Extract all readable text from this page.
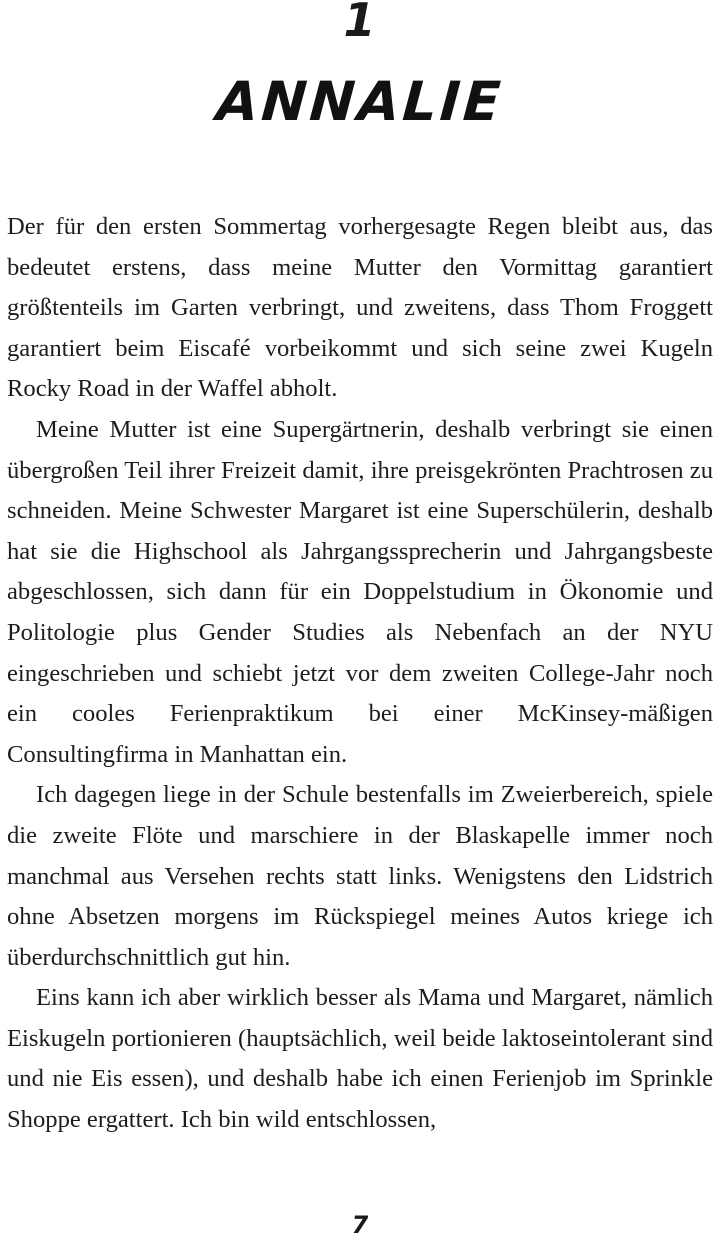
1
ANNALIE

Der für den ersten Sommertag vorhergesagte Regen bleibt aus, das bedeutet erstens, dass meine Mutter den Vormittag garantiert größtenteils im Garten verbringt, und zweitens, dass Thom Froggett garantiert beim Eiscafé vorbeikommt und sich seine zwei Kugeln Rocky Road in der Waffel abholt.

Meine Mutter ist eine Supergärtnerin, deshalb verbringt sie einen übergroßen Teil ihrer Freizeit damit, ihre preisgekrönten Prachtrosen zu schneiden. Meine Schwester Margaret ist eine Superschülerin, deshalb hat sie die Highschool als Jahrgangssprecherin und Jahrgangsbeste abgeschlossen, sich dann für ein Doppelstudium in Ökonomie und Politologie plus Gender Studies als Nebenfach an der NYU eingeschrieben und schiebt jetzt vor dem zweiten College-Jahr noch ein cooles Ferienpraktikum bei einer McKinsey-mäßigen Consultingfirma in Manhattan ein.

Ich dagegen liege in der Schule bestenfalls im Zweierbereich, spiele die zweite Flöte und marschiere in der Blaskapelle immer noch manchmal aus Versehen rechts statt links. Wenigstens den Lidstrich ohne Absetzen morgens im Rückspiegel meines Autos kriege ich überdurchschnittlich gut hin.

Eins kann ich aber wirklich besser als Mama und Margaret, nämlich Eiskugeln portionieren (hauptsächlich, weil beide laktoseintolerant sind und nie Eis essen), und deshalb habe ich einen Ferienjob im Sprinkle Shoppe ergattert. Ich bin wild entschlossen,

7
